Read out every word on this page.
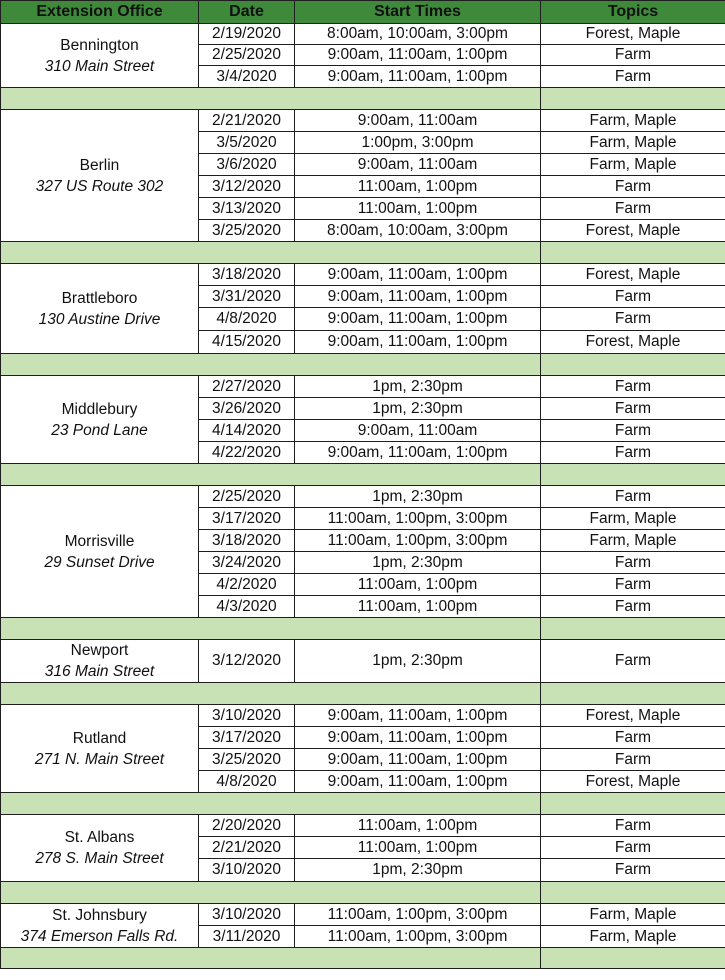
Extension Office	Date	Start Times	Topics

Bennington
310 Main Street	2/19/2020	8:00am, 10:00am, 3:00pm	Forest, Maple
	2/25/2020	9:00am, 11:00am, 1:00pm	Farm
	3/4/2020	9:00am, 11:00am, 1:00pm	Farm

Berlin
327 US Route 302	2/21/2020	9:00am, 11:00am	Farm, Maple
	3/5/2020	1:00pm, 3:00pm	Farm, Maple
	3/6/2020	9:00am, 11:00am	Farm, Maple
	3/12/2020	11:00am, 1:00pm	Farm
	3/13/2020	11:00am, 1:00pm	Farm
	3/25/2020	8:00am, 10:00am, 3:00pm	Forest, Maple

Brattleboro
130 Austine Drive	3/18/2020	9:00am, 11:00am, 1:00pm	Forest, Maple
	3/31/2020	9:00am, 11:00am, 1:00pm	Farm
	4/8/2020	9:00am, 11:00am, 1:00pm	Farm
	4/15/2020	9:00am, 11:00am, 1:00pm	Forest, Maple

Middlebury
23 Pond Lane	2/27/2020	1pm, 2:30pm	Farm
	3/26/2020	1pm, 2:30pm	Farm
	4/14/2020	9:00am, 11:00am	Farm
	4/22/2020	9:00am, 11:00am, 1:00pm	Farm

Morrisville
29 Sunset Drive	2/25/2020	1pm, 2:30pm	Farm
	3/17/2020	11:00am, 1:00pm, 3:00pm	Farm, Maple
	3/18/2020	11:00am, 1:00pm, 3:00pm	Farm, Maple
	3/24/2020	1pm, 2:30pm	Farm
	4/2/2020	11:00am, 1:00pm	Farm
	4/3/2020	11:00am, 1:00pm	Farm

Newport
316 Main Street	3/12/2020	1pm, 2:30pm	Farm

Rutland
271 N. Main Street	3/10/2020	9:00am, 11:00am, 1:00pm	Forest, Maple
	3/17/2020	9:00am, 11:00am, 1:00pm	Farm
	3/25/2020	9:00am, 11:00am, 1:00pm	Farm
	4/8/2020	9:00am, 11:00am, 1:00pm	Forest, Maple

St. Albans
278 S. Main Street	2/20/2020	11:00am, 1:00pm	Farm
	2/21/2020	11:00am, 1:00pm	Farm
	3/10/2020	1pm, 2:30pm	Farm

St. Johnsbury
374 Emerson Falls Rd.	3/10/2020	11:00am, 1:00pm, 3:00pm	Farm, Maple
	3/11/2020	11:00am, 1:00pm, 3:00pm	Farm, Maple
